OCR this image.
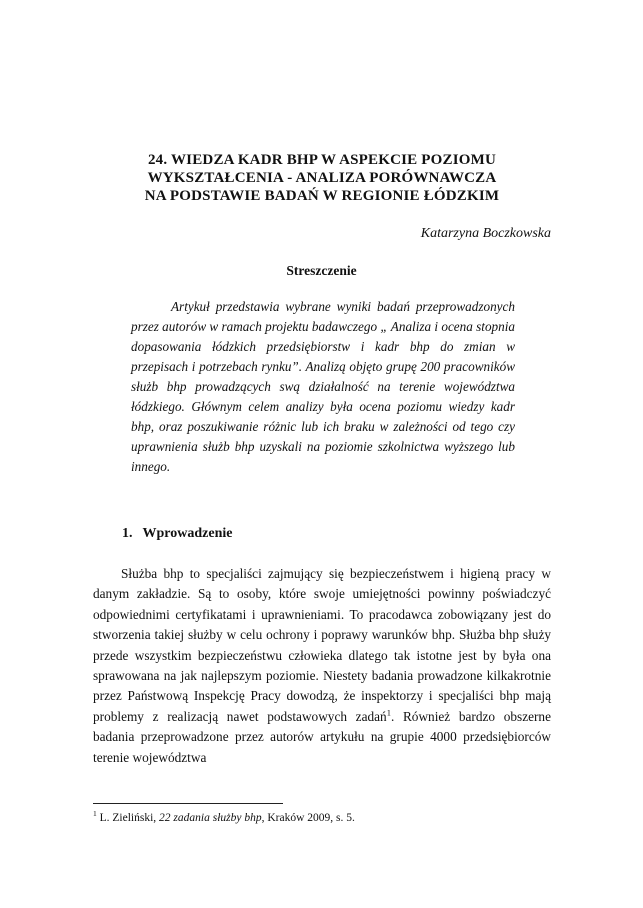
24. WIEDZA KADR BHP W ASPEKCIE POZIOMU
WYKSZTAŁCENIA - ANALIZA PORÓWNAWCZA
NA PODSTAWIE BADAŃ W REGIONIE ŁÓDZKIM
Katarzyna Boczkowska
Streszczenie

Artykuł przedstawia wybrane wyniki badań przeprowadzonych przez autorów w ramach projektu badawczego „ Analiza i ocena stopnia dopasowania łódzkich przedsiębiorstw i kadr bhp do zmian w przepisach i potrzebach rynku”. Analizą objęto grupę 200 pracowników służb bhp prowadzących swą działalność na terenie województwa łódzkiego. Głównym celem analizy była ocena poziomu wiedzy kadr bhp, oraz poszukiwanie różnic lub ich braku w zależności od tego czy uprawnienia służb bhp uzyskali na poziomie szkolnictwa wyższego lub innego.

1. Wprowadzenie

Służba bhp to specjaliści zajmujący się bezpieczeństwem i higieną pracy w danym zakładzie. Są to osoby, które swoje umiejętności powinny poświadczyć odpowiednimi certyfikatami i uprawnieniami. To pracodawca zobowiązany jest do stworzenia takiej służby w celu ochrony i poprawy warunków bhp. Służba bhp służy przede wszystkim bezpieczeństwu człowieka dlatego tak istotne jest by była ona sprawowana na jak najlepszym poziomie. Niestety badania prowadzone kilkakrotnie przez Państwową Inspekcję Pracy dowodzą, że inspektorzy i specjaliści bhp mają problemy z realizacją nawet podstawowych zadań$^1$. Również bardzo obszerne badania przeprowadzone przez autorów artykułu na grupie 4000 przedsiębiorców terenie województwa

$^1$ L. Zieliński, 22 zadania służby bhp, Kraków 2009, s. 5.
